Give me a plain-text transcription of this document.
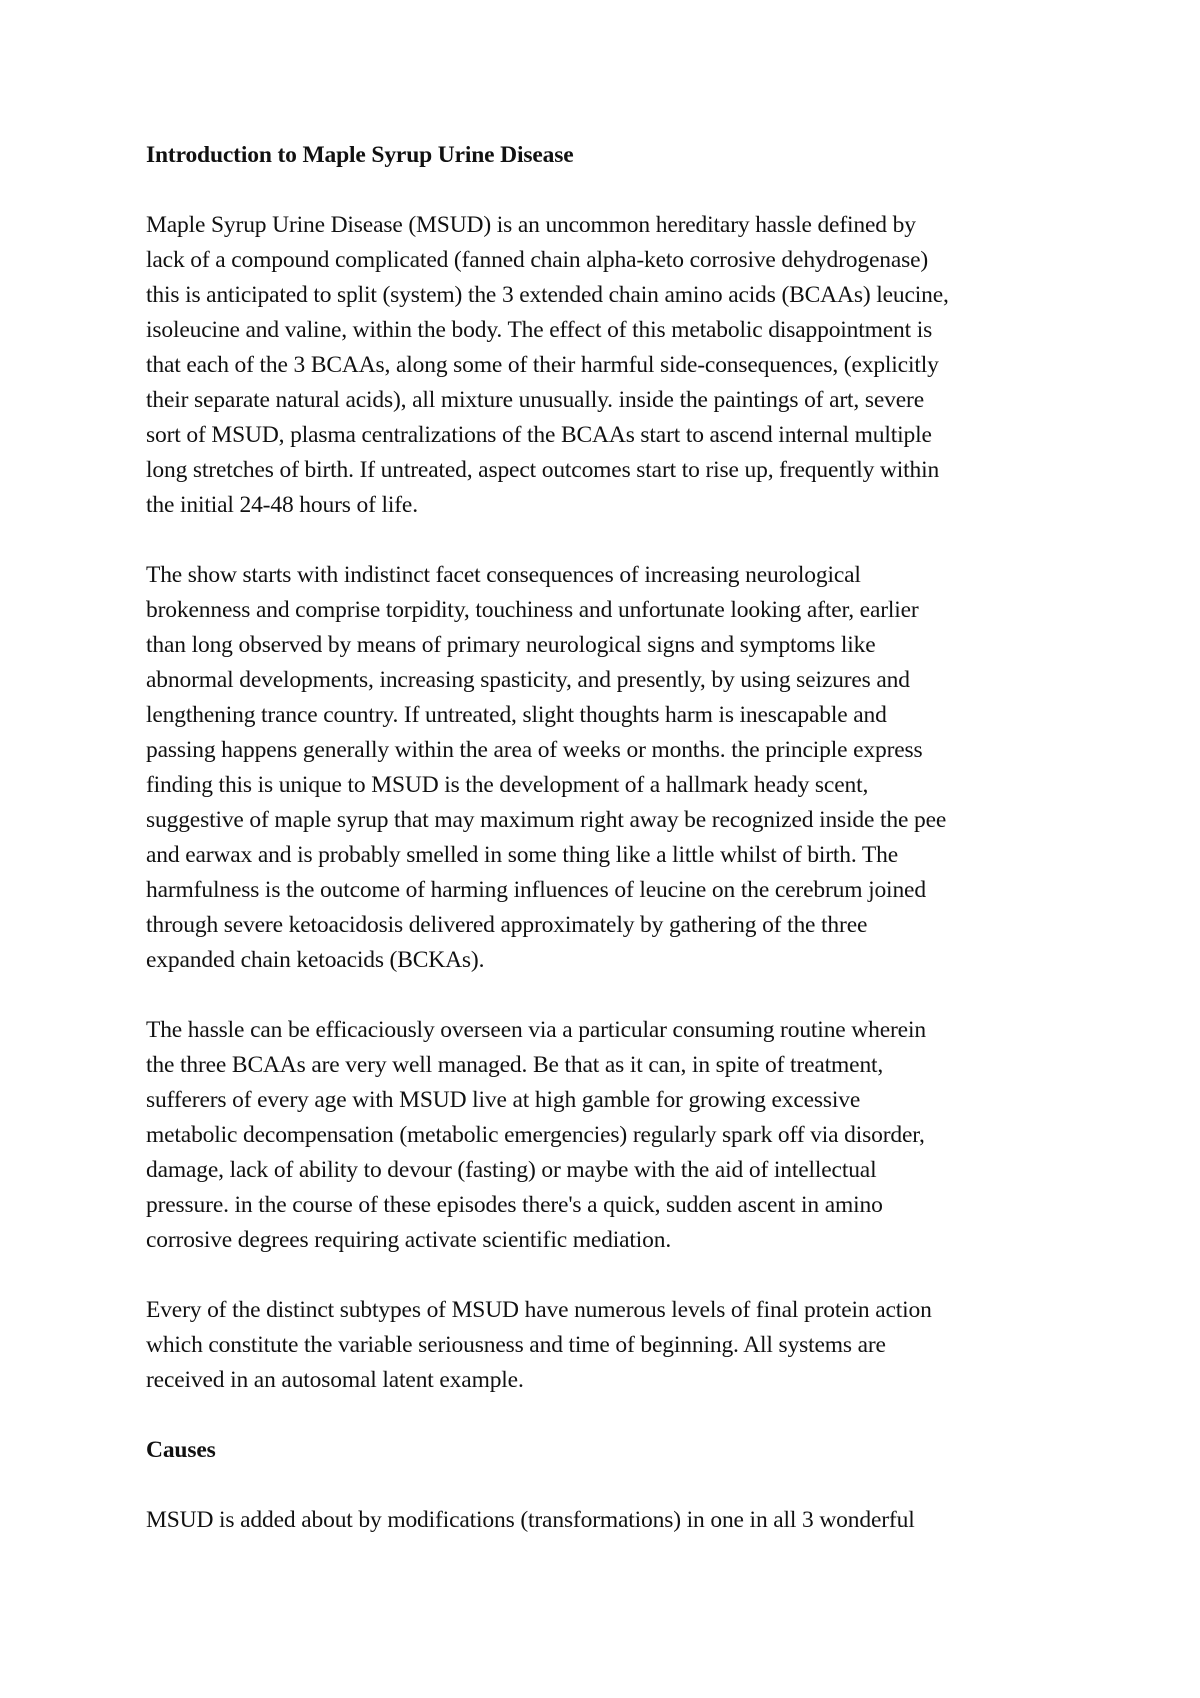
Introduction to Maple Syrup Urine Disease
Maple Syrup Urine Disease (MSUD) is an uncommon hereditary hassle defined by
lack of a compound complicated (fanned chain alpha-keto corrosive dehydrogenase)
this is anticipated to split (system) the 3 extended chain amino acids (BCAAs) leucine,
isoleucine and valine, within the body. The effect of this metabolic disappointment is
that each of the 3 BCAAs, along some of their harmful side-consequences, (explicitly
their separate natural acids), all mixture unusually. inside the paintings of art, severe
sort of MSUD, plasma centralizations of the BCAAs start to ascend internal multiple
long stretches of birth. If untreated, aspect outcomes start to rise up, frequently within
the initial 24-48 hours of life.
The show starts with indistinct facet consequences of increasing neurological
brokenness and comprise torpidity, touchiness and unfortunate looking after, earlier
than long observed by means of primary neurological signs and symptoms like
abnormal developments, increasing spasticity, and presently, by using seizures and
lengthening trance country. If untreated, slight thoughts harm is inescapable and
passing happens generally within the area of weeks or months. the principle express
finding this is unique to MSUD is the development of a hallmark heady scent,
suggestive of maple syrup that may maximum right away be recognized inside the pee
and earwax and is probably smelled in some thing like a little whilst of birth. The
harmfulness is the outcome of harming influences of leucine on the cerebrum joined
through severe ketoacidosis delivered approximately by gathering of the three
expanded chain ketoacids (BCKAs).
The hassle can be efficaciously overseen via a particular consuming routine wherein
the three BCAAs are very well managed. Be that as it can, in spite of treatment,
sufferers of every age with MSUD live at high gamble for growing excessive
metabolic decompensation (metabolic emergencies) regularly spark off via disorder,
damage, lack of ability to devour (fasting) or maybe with the aid of intellectual
pressure. in the course of these episodes there's a quick, sudden ascent in amino
corrosive degrees requiring activate scientific mediation.
Every of the distinct subtypes of MSUD have numerous levels of final protein action
which constitute the variable seriousness and time of beginning. All systems are
received in an autosomal latent example.
Causes
MSUD is added about by modifications (transformations) in one in all 3 wonderful
